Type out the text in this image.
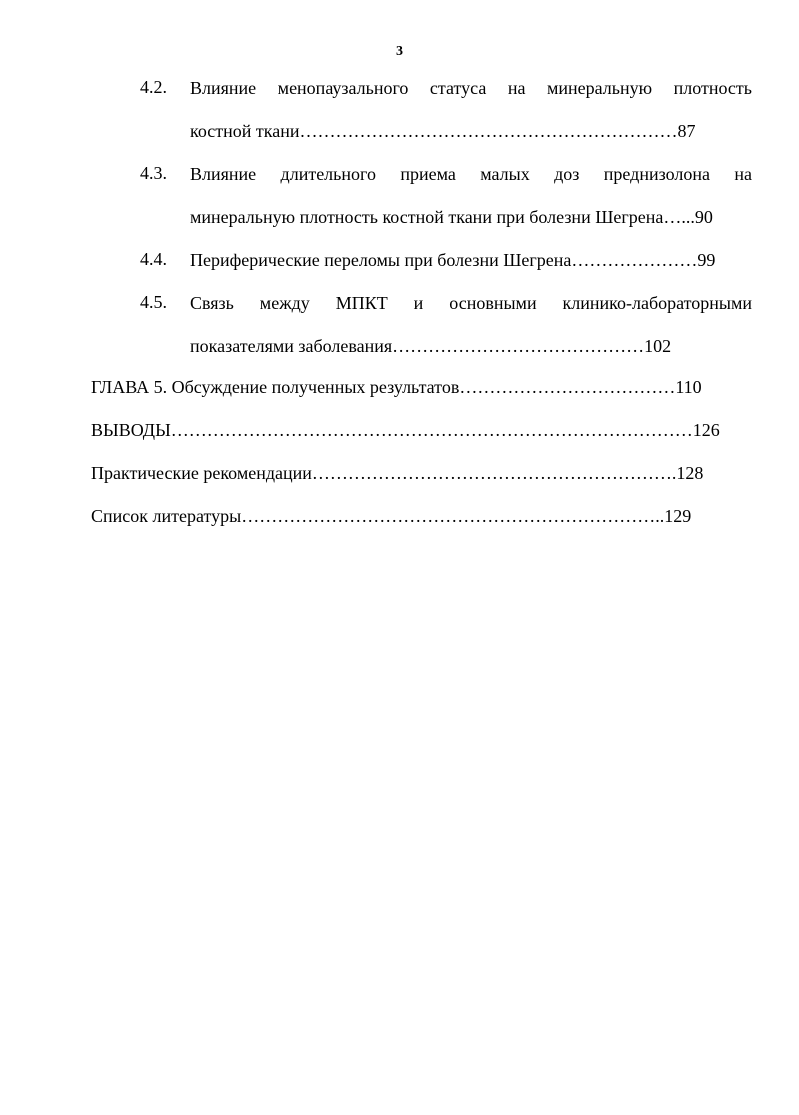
3
4.2. Влияние менопаузального статуса на минеральную плотность
костной ткани………………………………………………………87
4.3. Влияние длительного приема малых доз преднизолона на
минеральную плотность костной ткани при болезни Шегрена…...90
4.4. Периферические переломы при болезни Шегрена…………………99
4.5. Связь между МПКТ и основными клинико-лабораторными
показателями заболевания……………………………………102
ГЛАВА 5. Обсуждение полученных результатов………………………………110
ВЫВОДЫ……………………………………………………………………………126
Практические рекомендации…………………………………………………….128
Список литературы……………………………………………………………..129
